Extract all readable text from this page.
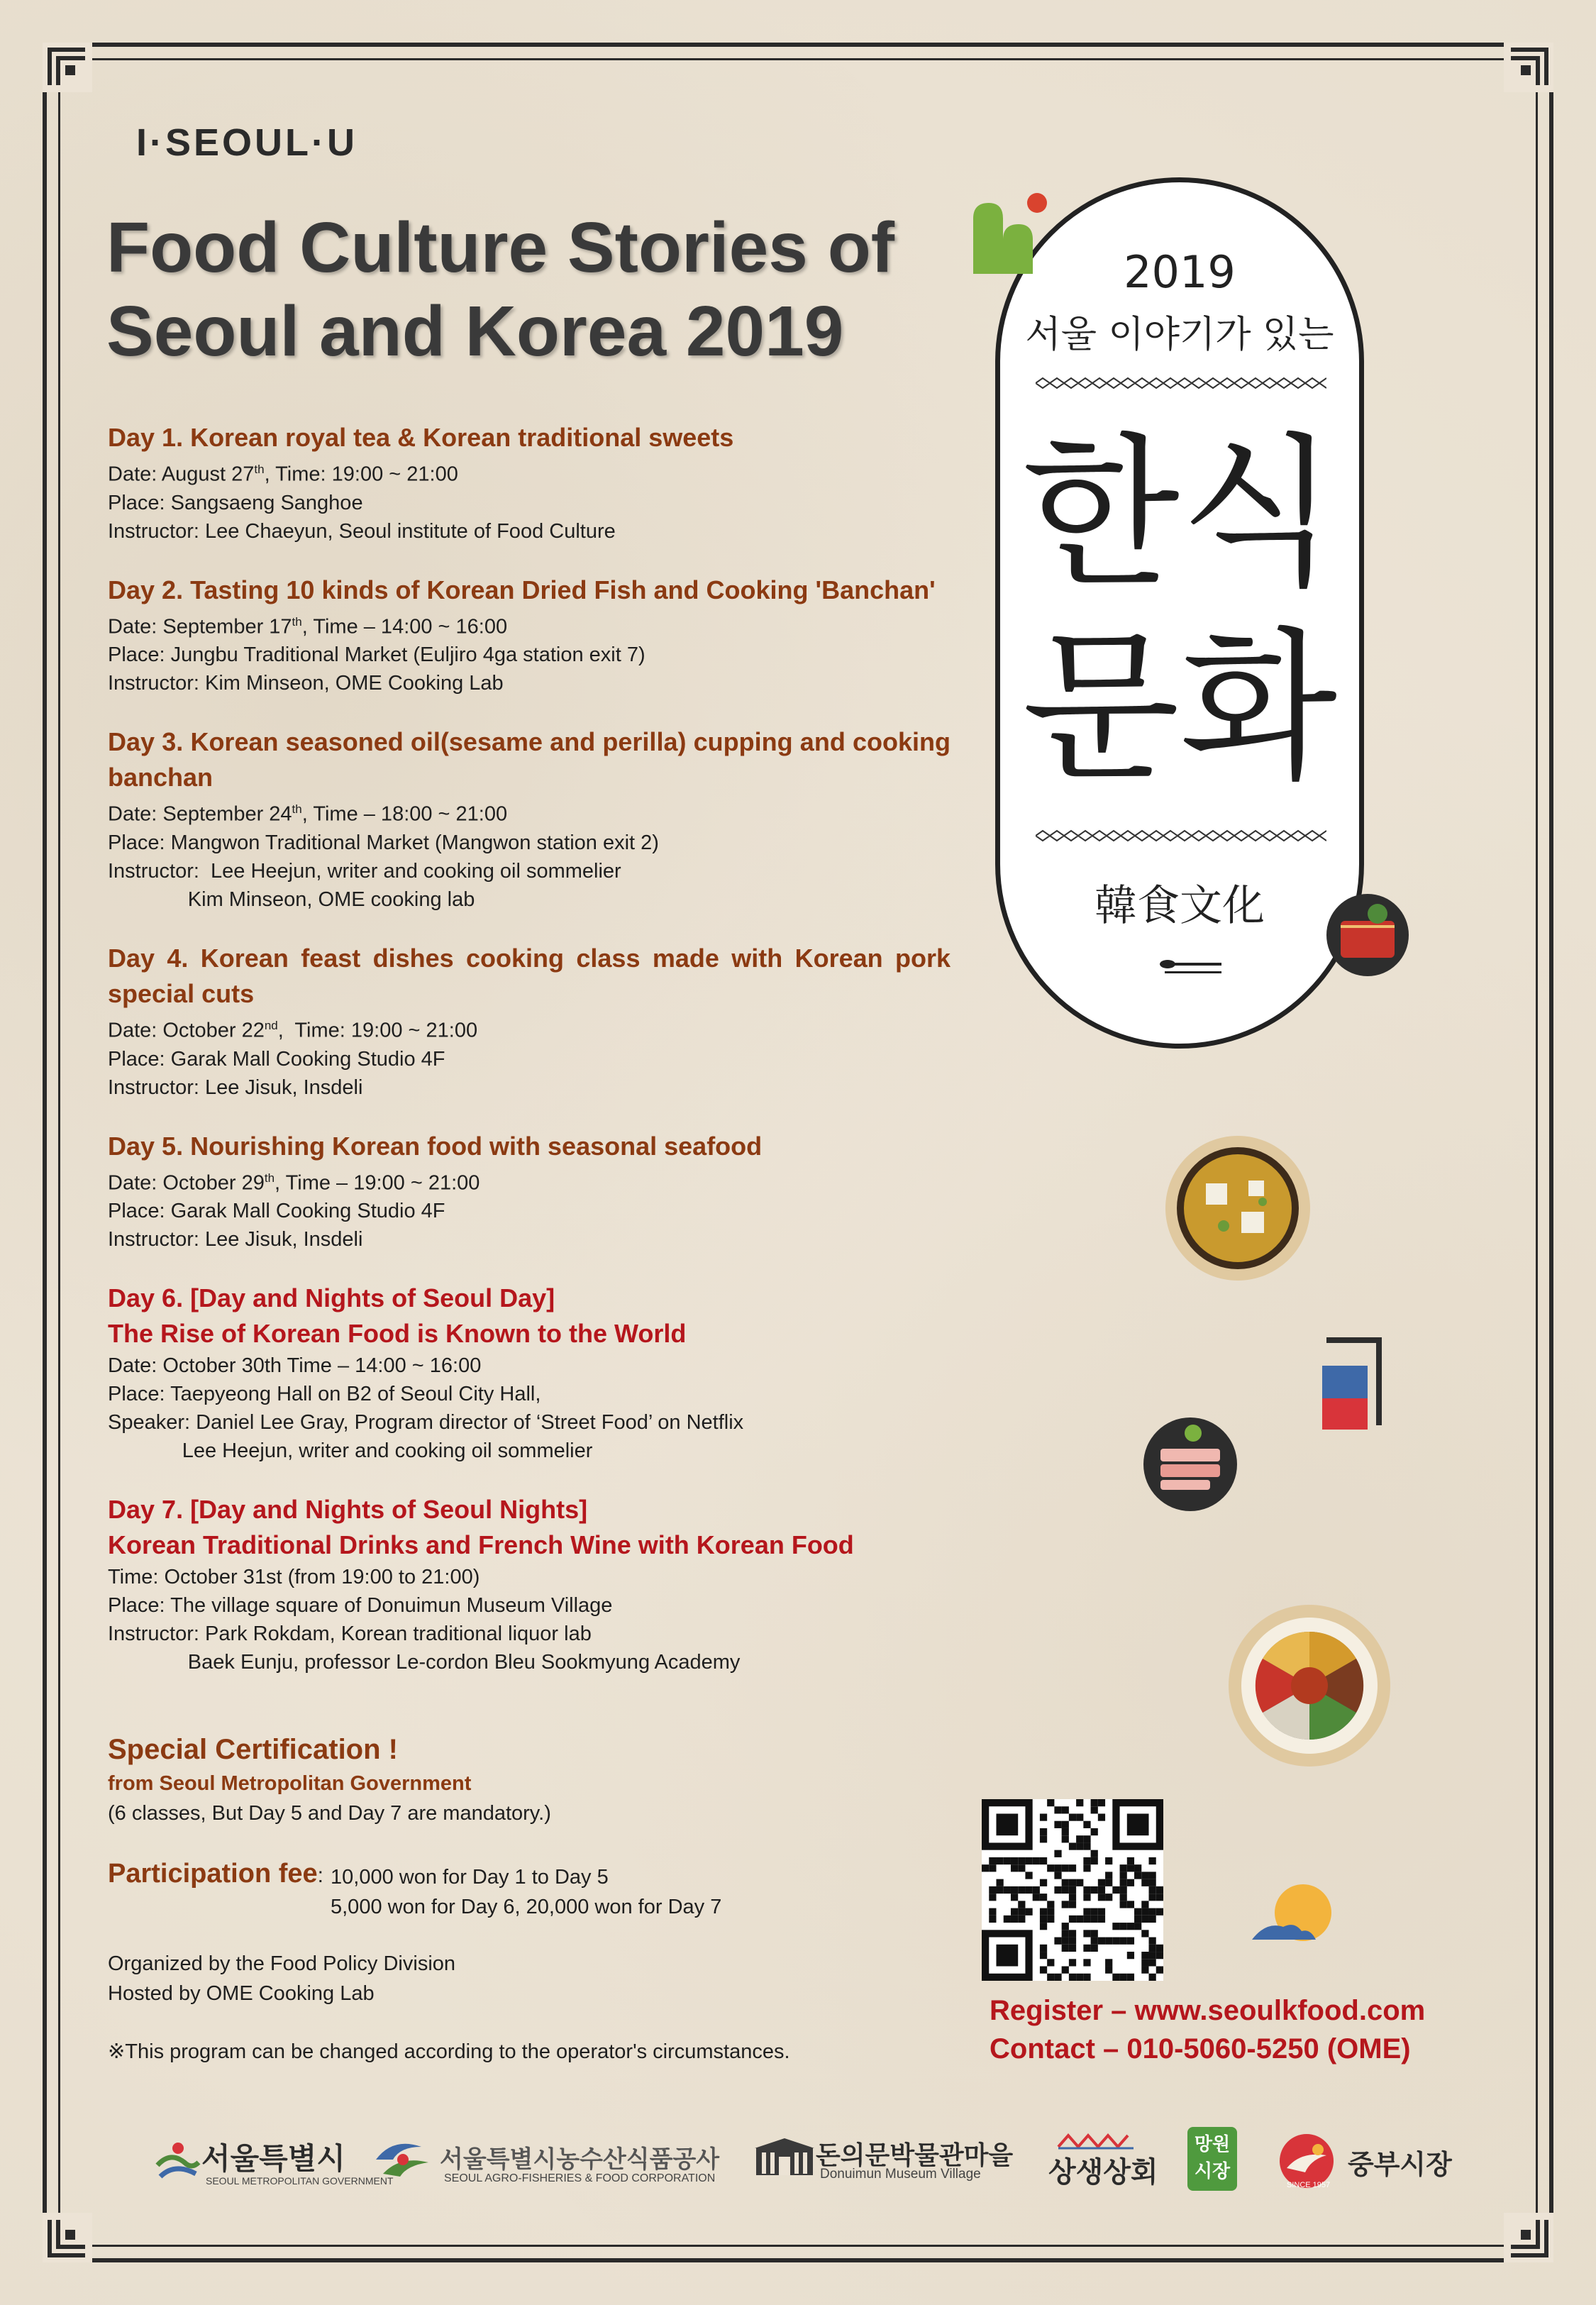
I·SEOUL·U
Food Culture Stories of
Seoul and Korea 2019
Day 1. Korean royal tea & Korean traditional sweets
Date: August 27th, Time: 19:00 ~ 21:00
Place: Sangsaeng Sanghoe
Instructor: Lee Chaeyun, Seoul institute of Food Culture
Day 2. Tasting 10 kinds of Korean Dried Fish and Cooking 'Banchan'
Date: September 17th, Time – 14:00 ~ 16:00
Place: Jungbu Traditional Market (Euljiro 4ga station exit 7)
Instructor: Kim Minseon, OME Cooking Lab
Day 3. Korean seasoned oil(sesame and perilla) cupping and cooking banchan
Date: September 24th, Time – 18:00 ~ 21:00
Place: Mangwon Traditional Market (Mangwon station exit 2)
Instructor:  Lee Heejun, writer and cooking oil sommelier
Kim Minseon, OME cooking lab
Day 4. Korean feast dishes cooking class made with Korean pork special cuts
Date: October 22nd,  Time: 19:00 ~ 21:00
Place: Garak Mall Cooking Studio 4F
Instructor: Lee Jisuk, Insdeli
Day 5. Nourishing Korean food with seasonal seafood
Date: October 29th, Time – 19:00 ~ 21:00
Place: Garak Mall Cooking Studio 4F
Instructor: Lee Jisuk, Insdeli
Day 6. [Day and Nights of Seoul Day]
The Rise of Korean Food is Known to the World
Date: October 30th Time – 14:00 ~ 16:00
Place: Taepyeong Hall on B2 of Seoul City Hall,
Speaker: Daniel Lee Gray, Program director of ‘Street Food’ on Netflix
Lee Heejun, writer and cooking oil sommelier
Day 7. [Day and Nights of Seoul Nights]
Korean Traditional Drinks and French Wine with Korean Food
Time: October 31st (from 19:00 to 21:00)
Place: The village square of Donuimun Museum Village
Instructor: Park Rokdam, Korean traditional liquor lab
Baek Eunju, professor Le-cordon Bleu Sookmyung Academy
Special Certification !
from Seoul Metropolitan Government
(6 classes, But Day 5 and Day 7 are mandatory.)
Participation fee: 10,000 won for Day 1 to Day 5
5,000 won for Day 6, 20,000 won for Day 7
Organized by the Food Policy Division
Hosted by OME Cooking Lab
※This program can be changed according to the operator's circumstances.
Register – www.seoulkfood.com
Contact – 010-5060-5250 (OME)
2019
서울 이야기가 있는
한식
문화
韓食文化
서울특별시
SEOUL METROPOLITAN GOVERNMENT
서울특별시농수산식품공사
SEOUL AGRO-FISHERIES & FOOD CORPORATION
돈의문박물관마을
Donuimun Museum Village 상생상회
망원시장
SINCE 1957
중부시장
